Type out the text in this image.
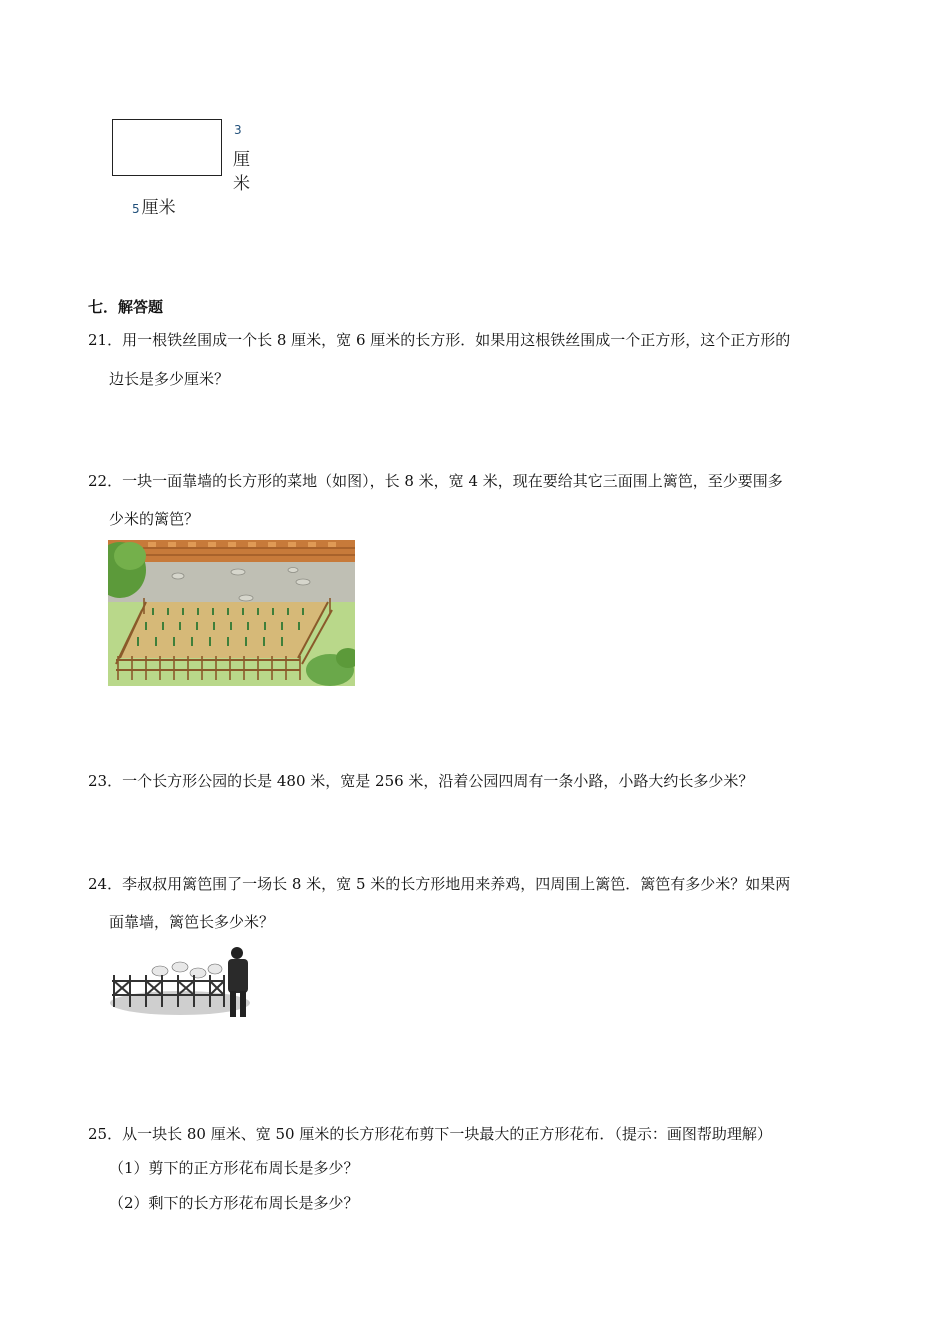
3
厘
米
5 厘米
七．解答题
21．用一根铁丝围成一个长 8 厘米，宽 6 厘米的长方形．如果用这根铁丝围成一个正方形，这个正方形的
边长是多少厘米？
22．一块一面靠墙的长方形的菜地（如图），长 8 米，宽 4 米，现在要给其它三面围上篱笆，至少要围多
少米的篱笆？
23．一个长方形公园的长是 480 米，宽是 256 米，沿着公园四周有一条小路，小路大约长多少米？
24．李叔叔用篱笆围了一场长 8 米，宽 5 米的长方形地用来养鸡，四周围上篱笆．篱笆有多少米？如果两
面靠墙，篱笆长多少米？
25．从一块长 80 厘米、宽 50 厘米的长方形花布剪下一块最大的正方形花布．（提示：画图帮助理解）
（1）剪下的正方形花布周长是多少？
（2）剩下的长方形花布周长是多少？
